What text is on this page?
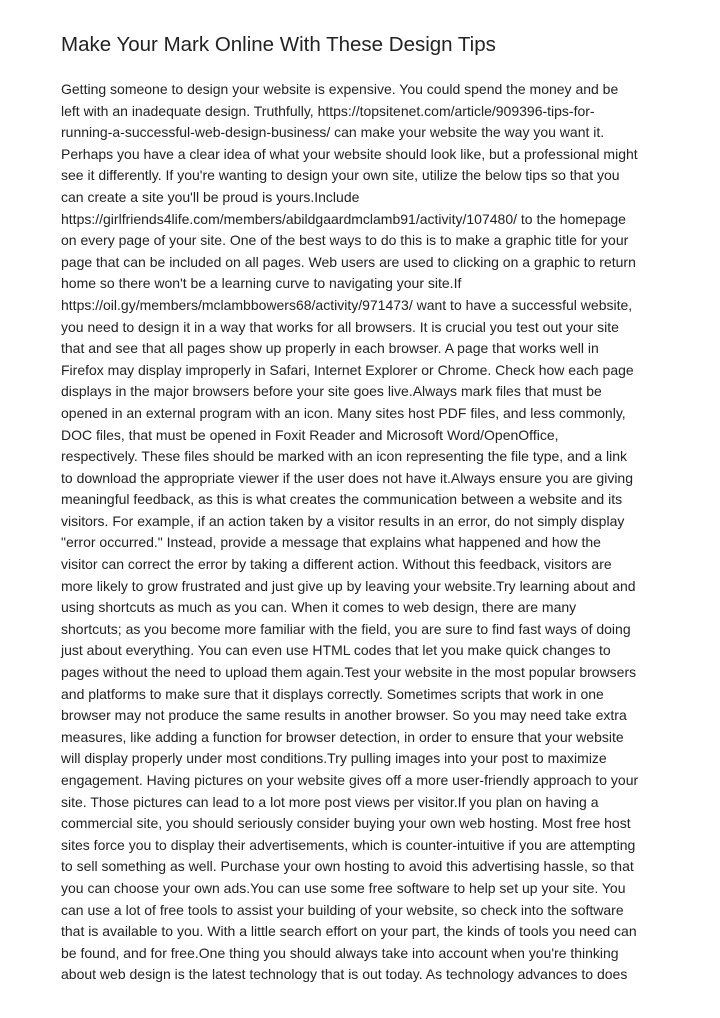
Make Your Mark Online With These Design Tips
Getting someone to design your website is expensive. You could spend the money and be
left with an inadequate design. Truthfully, https://topsitenet.com/article/909396-tips-for-
running-a-successful-web-design-business/ can make your website the way you want it.
Perhaps you have a clear idea of what your website should look like, but a professional might
see it differently. If you're wanting to design your own site, utilize the below tips so that you
can create a site you'll be proud is yours.Include
https://girlfriends4life.com/members/abildgaardmclamb91/activity/107480/ to the homepage
on every page of your site. One of the best ways to do this is to make a graphic title for your
page that can be included on all pages. Web users are used to clicking on a graphic to return
home so there won't be a learning curve to navigating your site.If
https://oil.gy/members/mclambbowers68/activity/971473/ want to have a successful website,
you need to design it in a way that works for all browsers. It is crucial you test out your site
that and see that all pages show up properly in each browser. A page that works well in
Firefox may display improperly in Safari, Internet Explorer or Chrome. Check how each page
displays in the major browsers before your site goes live.Always mark files that must be
opened in an external program with an icon. Many sites host PDF files, and less commonly,
DOC files, that must be opened in Foxit Reader and Microsoft Word/OpenOffice,
respectively. These files should be marked with an icon representing the file type, and a link
to download the appropriate viewer if the user does not have it.Always ensure you are giving
meaningful feedback, as this is what creates the communication between a website and its
visitors. For example, if an action taken by a visitor results in an error, do not simply display
"error occurred." Instead, provide a message that explains what happened and how the
visitor can correct the error by taking a different action. Without this feedback, visitors are
more likely to grow frustrated and just give up by leaving your website.Try learning about and
using shortcuts as much as you can. When it comes to web design, there are many
shortcuts; as you become more familiar with the field, you are sure to find fast ways of doing
just about everything. You can even use HTML codes that let you make quick changes to
pages without the need to upload them again.Test your website in the most popular browsers
and platforms to make sure that it displays correctly. Sometimes scripts that work in one
browser may not produce the same results in another browser. So you may need take extra
measures, like adding a function for browser detection, in order to ensure that your website
will display properly under most conditions.Try pulling images into your post to maximize
engagement. Having pictures on your website gives off a more user-friendly approach to your
site. Those pictures can lead to a lot more post views per visitor.If you plan on having a
commercial site, you should seriously consider buying your own web hosting. Most free host
sites force you to display their advertisements, which is counter-intuitive if you are attempting
to sell something as well. Purchase your own hosting to avoid this advertising hassle, so that
you can choose your own ads.You can use some free software to help set up your site. You
can use a lot of free tools to assist your building of your website, so check into the software
that is available to you. With a little search effort on your part, the kinds of tools you need can
be found, and for free.One thing you should always take into account when you're thinking
about web design is the latest technology that is out today. As technology advances to does
